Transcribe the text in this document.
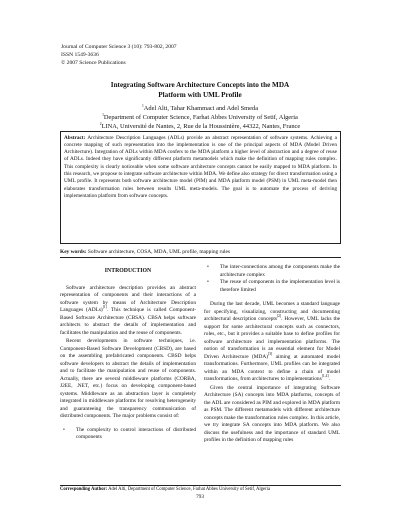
Journal of Computer Science 3 (10): 793-802, 2007
ISSN 1549-3636
© 2007 Science Publications
Integrating Software Architecture Concepts into the MDA
Platform with UML Profile
$^1$Adel Alti, Tahar Khammaci and Adel Smeda
$^1$Department of Computer Science, Farhat Abbes University of Setif, Algeria
$^2$LINA, Université de Nantes, 2, Rue de la Houssinière, 44322, Nantes, France
Abstract: Architecture Description Languages (ADLs) provide an abstract representation of software systems. Achieving a concrete mapping of such representation into the implementation is one of the principal aspects of MDA (Model Driven Architecture). Integration of ADLs within MDA confers to the MDA platform a higher level of abstraction and a degree of reuse of ADLs. Indeed they have significantly different platform metamodels which make the definition of mapping rules complex. This complexity is clearly noticeable when some software architecture concepts cannot be easily mapped to MDA platform. In this research, we propose to integrate software architecture within MDA. We define also strategy for direct transformation using a UML profile. It represents both software architecture model (PIM) and MDA platform model (PSM) in UML meta-model then elaborates transformation rules between results UML meta-models. The goal is to automate the process of deriving implementation platform from software concepts.
Key words: Software architecture, COSA, MDA, UML profile, mapping rules
INTRODUCTION

Software architecture description provides an abstract representation of components and their interactions of a software system by means of Architecture Description Languages (ADLs)[1]. This technique is called Component-Based Software Architecture (CBSA). CBSA helps software architects to abstract the details of implementation and facilitates the manipulation and the reuse of components.

Recent developments in software techniques, i.e. Component-Based Software Development (CBSD), are based on the assembling prefabricated components. CBSD helps software developers to abstract the details of implementation and to facilitate the manipulation and reuse of components. Actually, there are several middleware platforms (CORBA, J2EE, .NET, etc.) focus on developing component-based systems. Middleware as an abstraction layer is completely integrated in middleware platforms for resolving heterogeneity and guaranteeing the transparency communication of distributed components. The major problems consist of:

• The complexity to control interactions of distributed components
• The inter-connections among the components make the architecture complex
• The reuse of components in the implementation level is therefore limited

During the last decade, UML becomes a standard language for specifying, visualizing, constructing and documenting architectural description concepts[2]. However, UML lacks the support for some architectural concepts such as connectors, roles, etc., but it provides a suitable base to define profiles for software architecture and implementation platforms. The notion of transformation is an essential element for Model Driven Architecture (MDA)[3] aiming at automated model transformations. Furthermore, UML profiles can be integrated within an MDA context to define a chain of model transformations, from architectures to implementations[1,4].

Given the central importance of integrating Software Architecture (SA) concepts into MDA platforms, concepts of the ADL are considered as PIM and explored in MDA platform as PSM. The different metamodels with different architecture concepts make the transformation rules complex. In this article, we try integrate SA concepts into MDA platform. We also discuss the usefulness and the importance of standard UML profiles in the definition of mapping rules

Corresponding Author: Adel Alti, Department of Computer Science, Farhat Abbes University of Setif, Algeria
793
